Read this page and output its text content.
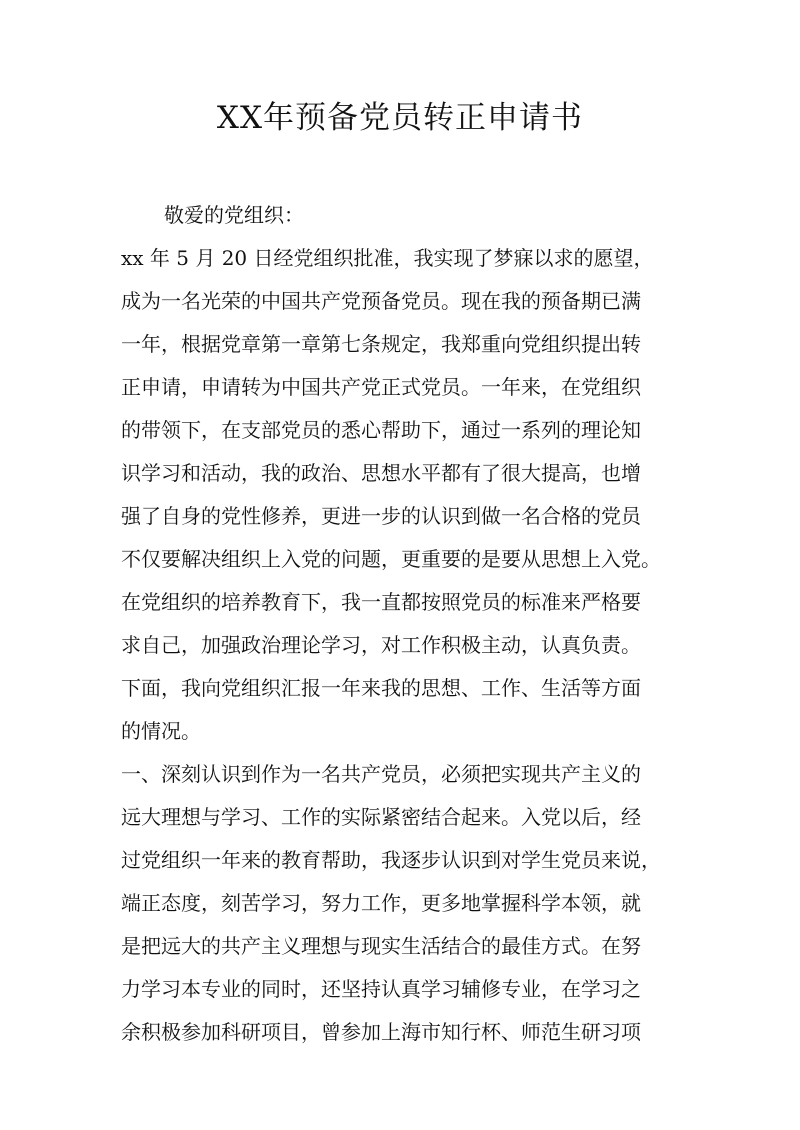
XX年预备党员转正申请书
敬爱的党组织：
xx 年 5 月 20 日经党组织批准，我实现了梦寐以求的愿望，
成为一名光荣的中国共产党预备党员。现在我的预备期已满
一年，根据党章第一章第七条规定，我郑重向党组织提出转
正申请，申请转为中国共产党正式党员。一年来，在党组织
的带领下，在支部党员的悉心帮助下，通过一系列的理论知
识学习和活动，我的政治、思想水平都有了很大提高，也增
强了自身的党性修养，更进一步的认识到做一名合格的党员
不仅要解决组织上入党的问题，更重要的是要从思想上入党。
在党组织的培养教育下，我一直都按照党员的标准来严格要
求自己，加强政治理论学习，对工作积极主动，认真负责。
下面，我向党组织汇报一年来我的思想、工作、生活等方面
的情况。
一、深刻认识到作为一名共产党员，必须把实现共产主义的
远大理想与学习、工作的实际紧密结合起来。入党以后，经
过党组织一年来的教育帮助，我逐步认识到对学生党员来说，
端正态度，刻苦学习，努力工作，更多地掌握科学本领，就
是把远大的共产主义理想与现实生活结合的最佳方式。在努
力学习本专业的同时，还坚持认真学习辅修专业，在学习之
余积极参加科研项目，曾参加上海市知行杯、师范生研习项
